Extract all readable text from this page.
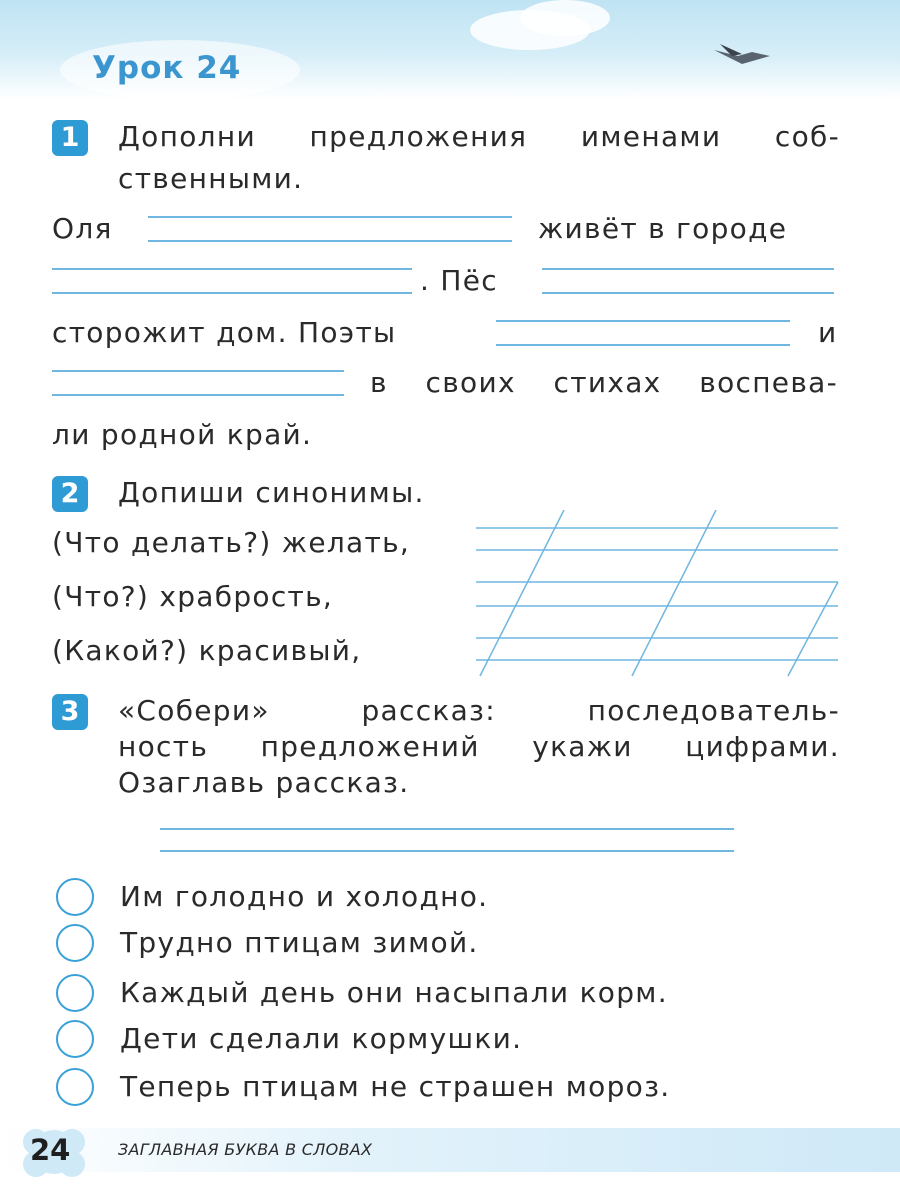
Урок 24
1	Дополни предложения именами соб-
ственными.
Оля	живёт в городе
. Пёс
сторожит дом. Поэты	и
в своих стихах воспева-
ли родной край.
2	Допиши синонимы.
(Что делать?) желать,
(Что?) храбрость,
(Какой?) красивый,
3	«Собери»	рассказ:	последователь-
ность предложений укажи цифрами.
Озаглавь рассказ.
Им голодно и холодно.
Трудно птицам зимой.
Каждый день они насыпали корм.
Дети сделали кормушки.
Теперь птицам не страшен мороз.
24	ЗАГЛАВНАЯ БУКВА В СЛОВАХ
